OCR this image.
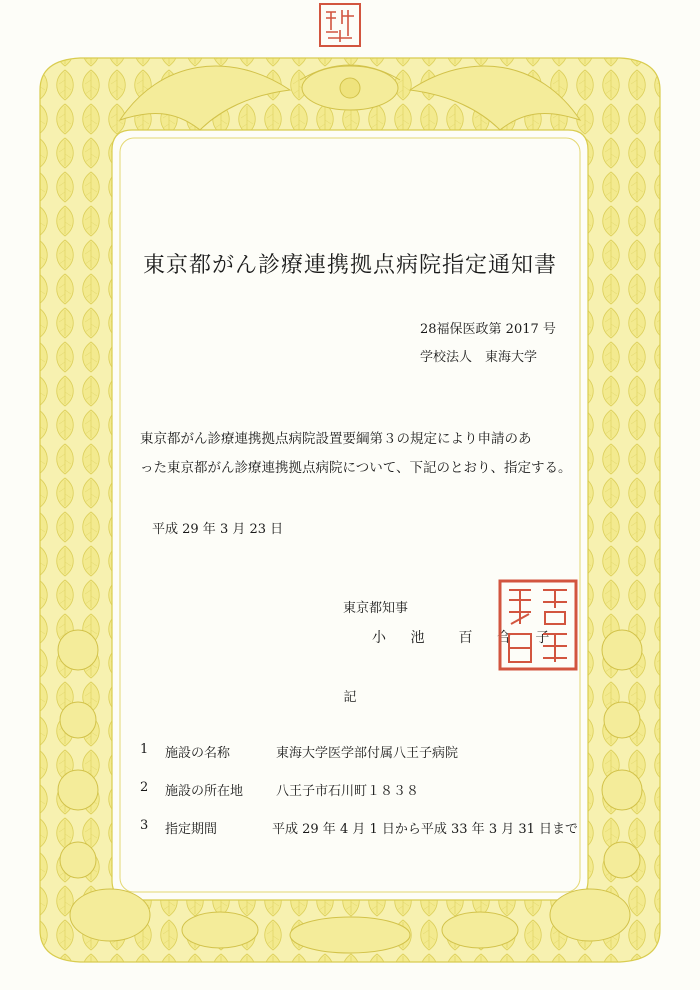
東京都がん診療連携拠点病院指定通知書
28福保医政第 2017 号
学校法人　東海大学
東京都がん診療連携拠点病院設置要綱第３の規定により申請のあ
った東京都がん診療連携拠点病院について、下記のとおり、指定する。
平成 29 年 3 月 23 日
東京都知事
小 池　百 合 子
記
1 施設の名称	東海大学医学部付属八王子病院
2 施設の所在地	八王子市石川町１８３８
3 指定期間	平成 29 年 4 月 1 日から平成 33 年 3 月 31 日まで
